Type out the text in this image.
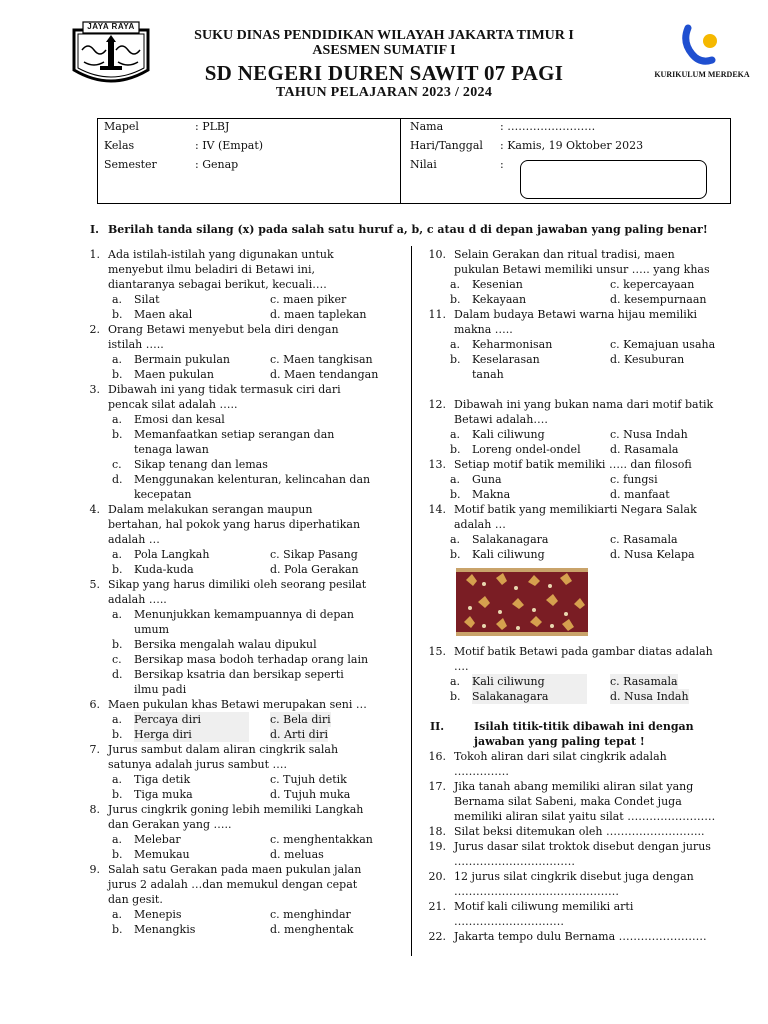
JAYA RAYA
KURIKULUM MERDEKA
SUKU DINAS PENDIDIKAN WILAYAH JAKARTA TIMUR I
ASESMEN SUMATIF I
SD NEGERI DUREN SAWIT 07 PAGI
TAHUN PELAJARAN 2023 / 2024
Mapel	: PLBJ
Kelas	: IV (Empat)
Semester	: Genap
Nama	: ……………………
Hari/Tanggal : Kamis, 19 Oktober 2023
Nilai	:
I. Berilah tanda silang (x) pada salah satu huruf a, b, c atau d di depan jawaban yang paling benar!
II.	Isilah titik-titik dibawah ini dengan
jawaban yang paling tepat !
1. Ada istilah-istilah yang digunakan untuk
menyebut ilmu beladiri di Betawi ini,
diantaranya sebagai berikut, kecuali….
a. Silat	c. maen piker
b. Maen akal	d. maen taplekan
2. Orang Betawi menyebut bela diri dengan
istilah …..
a. Bermain pukulan	c. Maen tangkisan
b. Maen pukulan	d. Maen tendangan
3. Dibawah ini yang tidak termasuk ciri dari
pencak silat adalah …..
a. Emosi dan kesal
b. Memanfaatkan setiap serangan dan
tenaga lawan
c. Sikap tenang dan lemas
d. Menggunakan kelenturan, kelincahan dan
kecepatan
4. Dalam melakukan serangan maupun
bertahan, hal pokok yang harus diperhatikan
adalah …
a. Pola Langkah	c. Sikap Pasang
b. Kuda-kuda	d. Pola Gerakan
5. Sikap yang harus dimiliki oleh seorang pesilat
adalah …..
a. Menunjukkan kemampuannya di depan
umum
b. Bersika mengalah walau dipukul
c. Bersikap masa bodoh terhadap orang lain
d. Bersikap ksatria dan bersikap seperti
ilmu padi
6. Maen pukulan khas Betawi merupakan seni …
a. Percaya diri	c. Bela diri
b. Herga diri	d. Arti diri
7. Jurus sambut dalam aliran cingkrik salah
satunya adalah jurus sambut ….
a. Tiga detik	c. Tujuh detik
b. Tiga muka	d. Tujuh muka
8. Jurus cingkrik goning lebih memiliki Langkah
dan Gerakan yang …..
a. Melebar	c. menghentakkan
b. Memukau	d. meluas
9. Salah satu Gerakan pada maen pukulan jalan
jurus 2 adalah …dan memukul dengan cepat
dan gesit.
a. Menepis	c. menghindar
b. Menangkis	d. menghentak
10. Selain Gerakan dan ritual tradisi, maen
pukulan Betawi memiliki unsur ….. yang khas
a. Kesenian	c. kepercayaan
b. Kekayaan	d. kesempurnaan
11. Dalam budaya Betawi warna hijau memiliki
makna …..
a. Keharmonisan	c. Kemajuan usaha
b. Keselarasan	d. Kesuburan
tanah
12. Dibawah ini yang bukan nama dari motif batik
Betawi adalah….
a. Kali ciliwung	c. Nusa Indah
b. Loreng ondel-ondel	d. Rasamala
13. Setiap motif batik memiliki ….. dan filosofi
a. Guna	c. fungsi
b. Makna	d. manfaat
14. Motif batik yang memilikiarti Negara Salak
adalah …
a. Salakanagara	c. Rasamala
b. Kali ciliwung	d. Nusa Kelapa
15. Motif batik Betawi pada gambar diatas adalah
….
a. Kali ciliwung	c. Rasamala
b. Salakanagara	d. Nusa Indah
16. Tokoh aliran dari silat cingkrik adalah
……………
17. Jika tanah abang memiliki aliran silat yang
Bernama silat Sabeni, maka Condet juga
memiliki aliran silat yaitu silat ……………………
18. Silat beksi ditemukan oleh ……………………...
19. Jurus dasar silat troktok disebut dengan jurus
……………………………
20. 12 jurus silat cingkrik disebut juga dengan
………………………………………
21. Motif kali ciliwung memiliki arti
…………………………
22. Jakarta tempo dulu Bernama ……………………
